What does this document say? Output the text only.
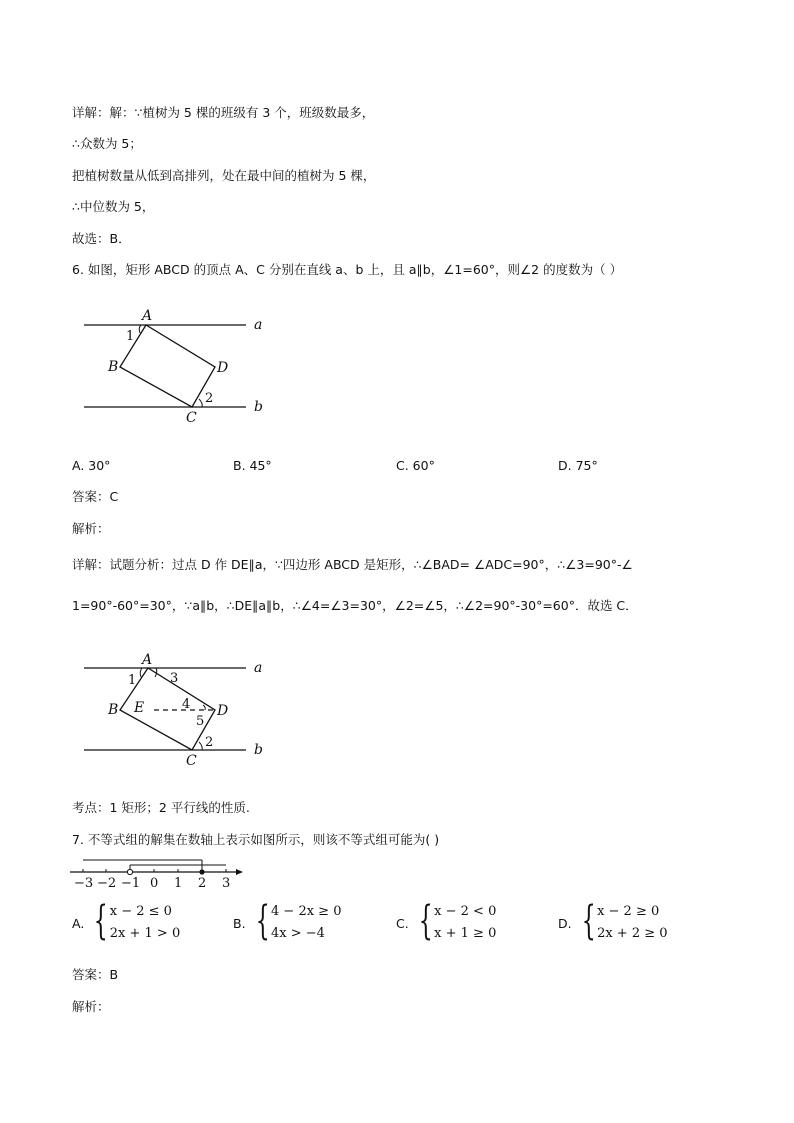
详解：解：∵植树为 5 棵的班级有 3 个，班级数最多，
∴众数为 5；
把植树数量从低到高排列，处在最中间的植树为 5 棵，
∴中位数为 5，
故选：B．
6. 如图，矩形 ABCD 的顶点 A、C 分别在直线 a、b 上，且 a∥b，∠1=60°，则∠2 的度数为（ ）
A
B
C
D
a
b
1
2
A. 30°	B. 45°	C. 60°	D. 75°
答案：C
解析：
详解：试题分析：过点 D 作 DE∥a，∵四边形 ABCD 是矩形，∴∠BAD= ∠ADC=90°，∴∠3=90°-∠
1=90°-60°=30°，∵a∥b，∴DE∥a∥b，∴∠4=∠3=30°，∠2=∠5，∴∠2=90°-30°=60°．故选 C．
A
B
C
D
E
a
b
1	3
4
5
2
考点：1 矩形；2 平行线的性质.
7. 不等式组的解集在数轴上表示如图所示，则该不等式组可能为( )
−3 −2 −1 0 1 2 3
A. { x − 2 ≤ 0
2x + 1 > 0
B. { 4 − 2x ≥ 0
4x > −4
C. { x − 2 < 0
x + 1 ≥ 0
D. { x − 2 ≥ 0
2x + 2 ≥ 0
答案：B
解析：
